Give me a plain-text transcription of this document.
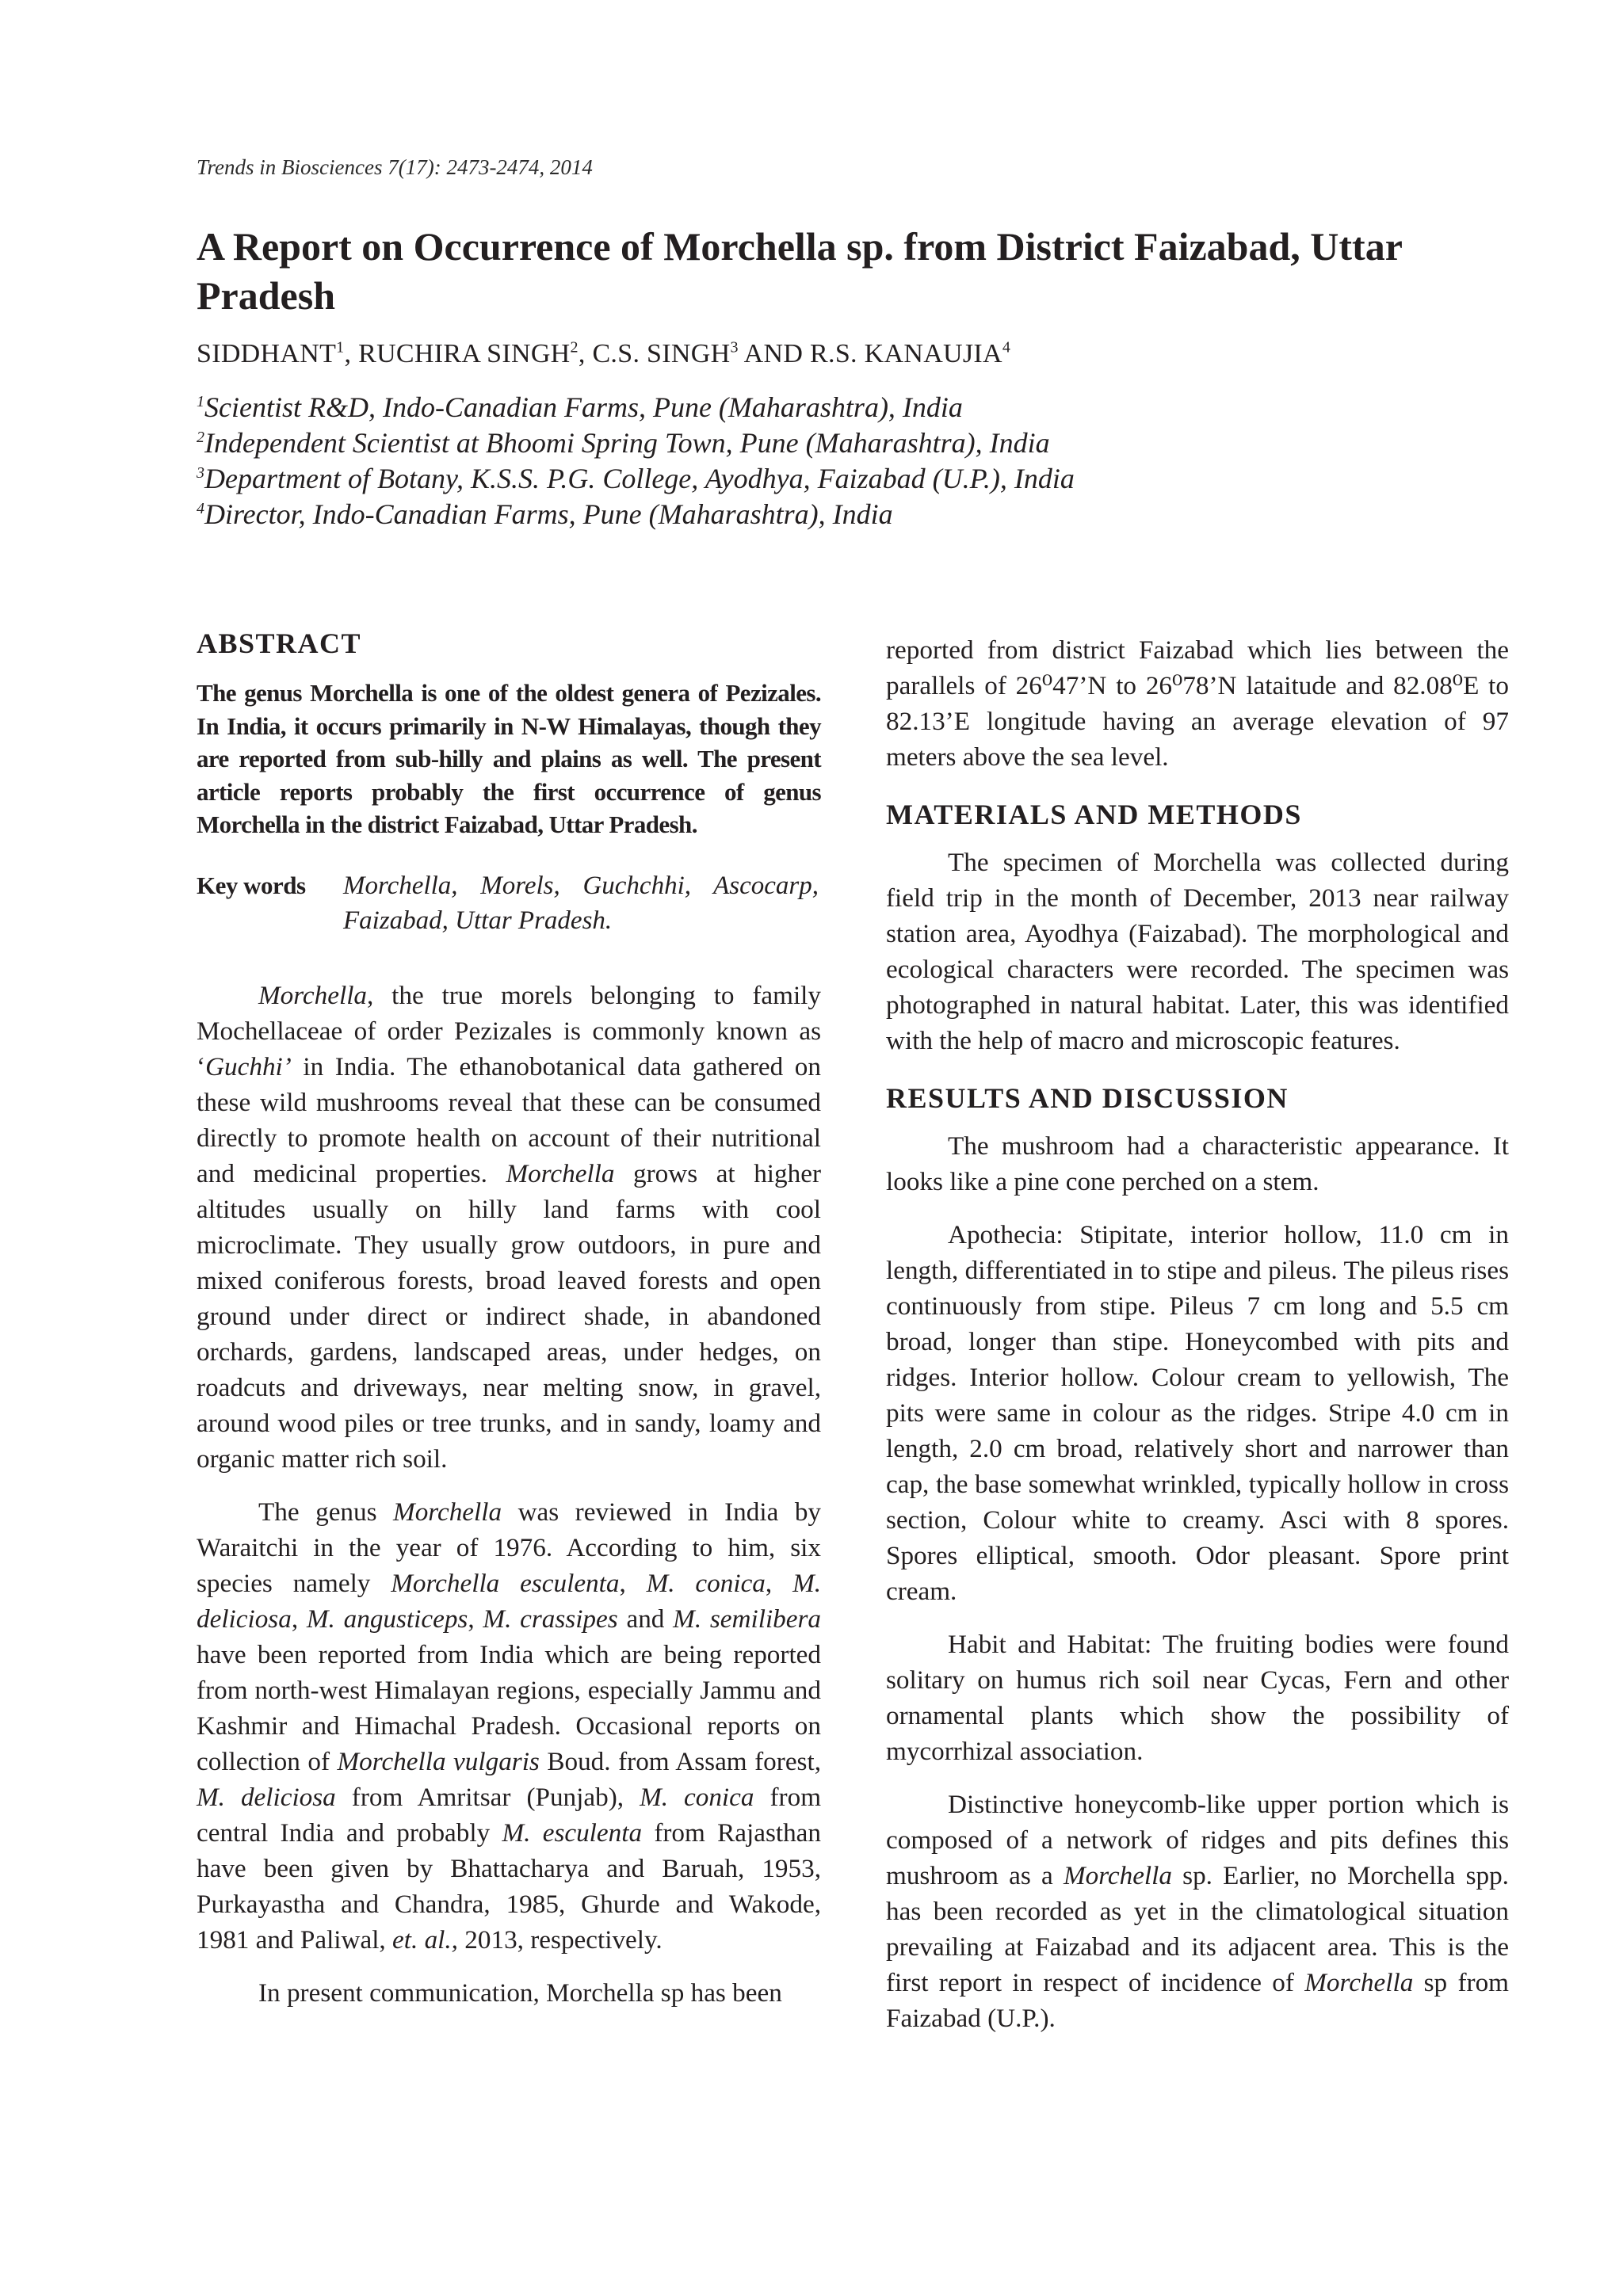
Trends in Biosciences 7(17): 2473-2474, 2014
A Report on Occurrence of Morchella sp. from District Faizabad, Uttar Pradesh
SIDDHANT$^1$, RUCHIRA SINGH$^2$, C.S. SINGH$^3$ AND R.S. KANAUJIA$^4$
$^1$Scientist R&D, Indo-Canadian Farms, Pune (Maharashtra), India
$^2$Independent Scientist at Bhoomi Spring Town, Pune (Maharashtra), India
$^3$Department of Botany, K.S.S. P.G. College, Ayodhya, Faizabad (U.P.), India
$^4$Director, Indo-Canadian Farms, Pune (Maharashtra), India
ABSTRACT

The genus Morchella is one of the oldest genera of Pezizales. In India, it occurs primarily in N-W Himalayas, though they are reported from sub-hilly and plains as well. The present article reports probably the first occurrence of genus Morchella in the district Faizabad, Uttar Pradesh.

Key words	Morchella, Morels, Guchchhi, Ascocarp, Faizabad, Uttar Pradesh.

Morchella, the true morels belonging to family Mochellaceae of order Pezizales is commonly known as ‘Guchhi’ in India. The ethanobotanical data gathered on these wild mushrooms reveal that these can be consumed directly to promote health on account of their nutritional and medicinal properties. Morchella grows at higher altitudes usually on hilly land farms with cool microclimate. They usually grow outdoors, in pure and mixed coniferous forests, broad leaved forests and open ground under direct or indirect shade, in abandoned orchards, gardens, landscaped areas, under hedges, on roadcuts and driveways, near melting snow, in gravel, around wood piles or tree trunks, and in sandy, loamy and organic matter rich soil.

The genus Morchella was reviewed in India by Waraitchi in the year of 1976. According to him, six species namely Morchella esculenta, M. conica, M. deliciosa, M. angusticeps, M. crassipes and M. semilibera have been reported from India which are being reported from north-west Himalayan regions, especially Jammu and Kashmir and Himachal Pradesh. Occasional reports on collection of Morchella vulgaris Boud. from Assam forest, M. deliciosa from Amritsar (Punjab), M. conica from central India and probably M. esculenta from Rajasthan have been given by Bhattacharya and Baruah, 1953, Purkayastha and Chandra, 1985, Ghurde and Wakode, 1981 and Paliwal, et. al., 2013, respectively.

In present communication, Morchella sp has been

reported from district Faizabad which lies between the parallels of 26⁰47’N to 26⁰78’N lataitude and 82.08⁰E to 82.13’E longitude having an average elevation of 97 meters above the sea level.

MATERIALS AND METHODS

The specimen of Morchella was collected during field trip in the month of December, 2013 near railway station area, Ayodhya (Faizabad). The morphological and ecological characters were recorded. The specimen was photographed in natural habitat. Later, this was identified with the help of macro and microscopic features.

RESULTS AND DISCUSSION

The mushroom had a characteristic appearance. It looks like a pine cone perched on a stem.

Apothecia: Stipitate, interior hollow, 11.0 cm in length, differentiated in to stipe and pileus. The pileus rises continuously from stipe. Pileus 7 cm long and 5.5 cm broad, longer than stipe. Honeycombed with pits and ridges. Interior hollow. Colour cream to yellowish, The pits were same in colour as the ridges. Stripe 4.0 cm in length, 2.0 cm broad, relatively short and narrower than cap, the base somewhat wrinkled, typically hollow in cross section, Colour white to creamy. Asci with 8 spores. Spores elliptical, smooth. Odor pleasant. Spore print cream.

Habit and Habitat: The fruiting bodies were found solitary on humus rich soil near Cycas, Fern and other ornamental plants which show the possibility of mycorrhizal association.

Distinctive honeycomb-like upper portion which is composed of a network of ridges and pits defines this mushroom as a Morchella sp. Earlier, no Morchella spp. has been recorded as yet in the climatological situation prevailing at Faizabad and its adjacent area. This is the first report in respect of incidence of Morchella sp from Faizabad (U.P.).
